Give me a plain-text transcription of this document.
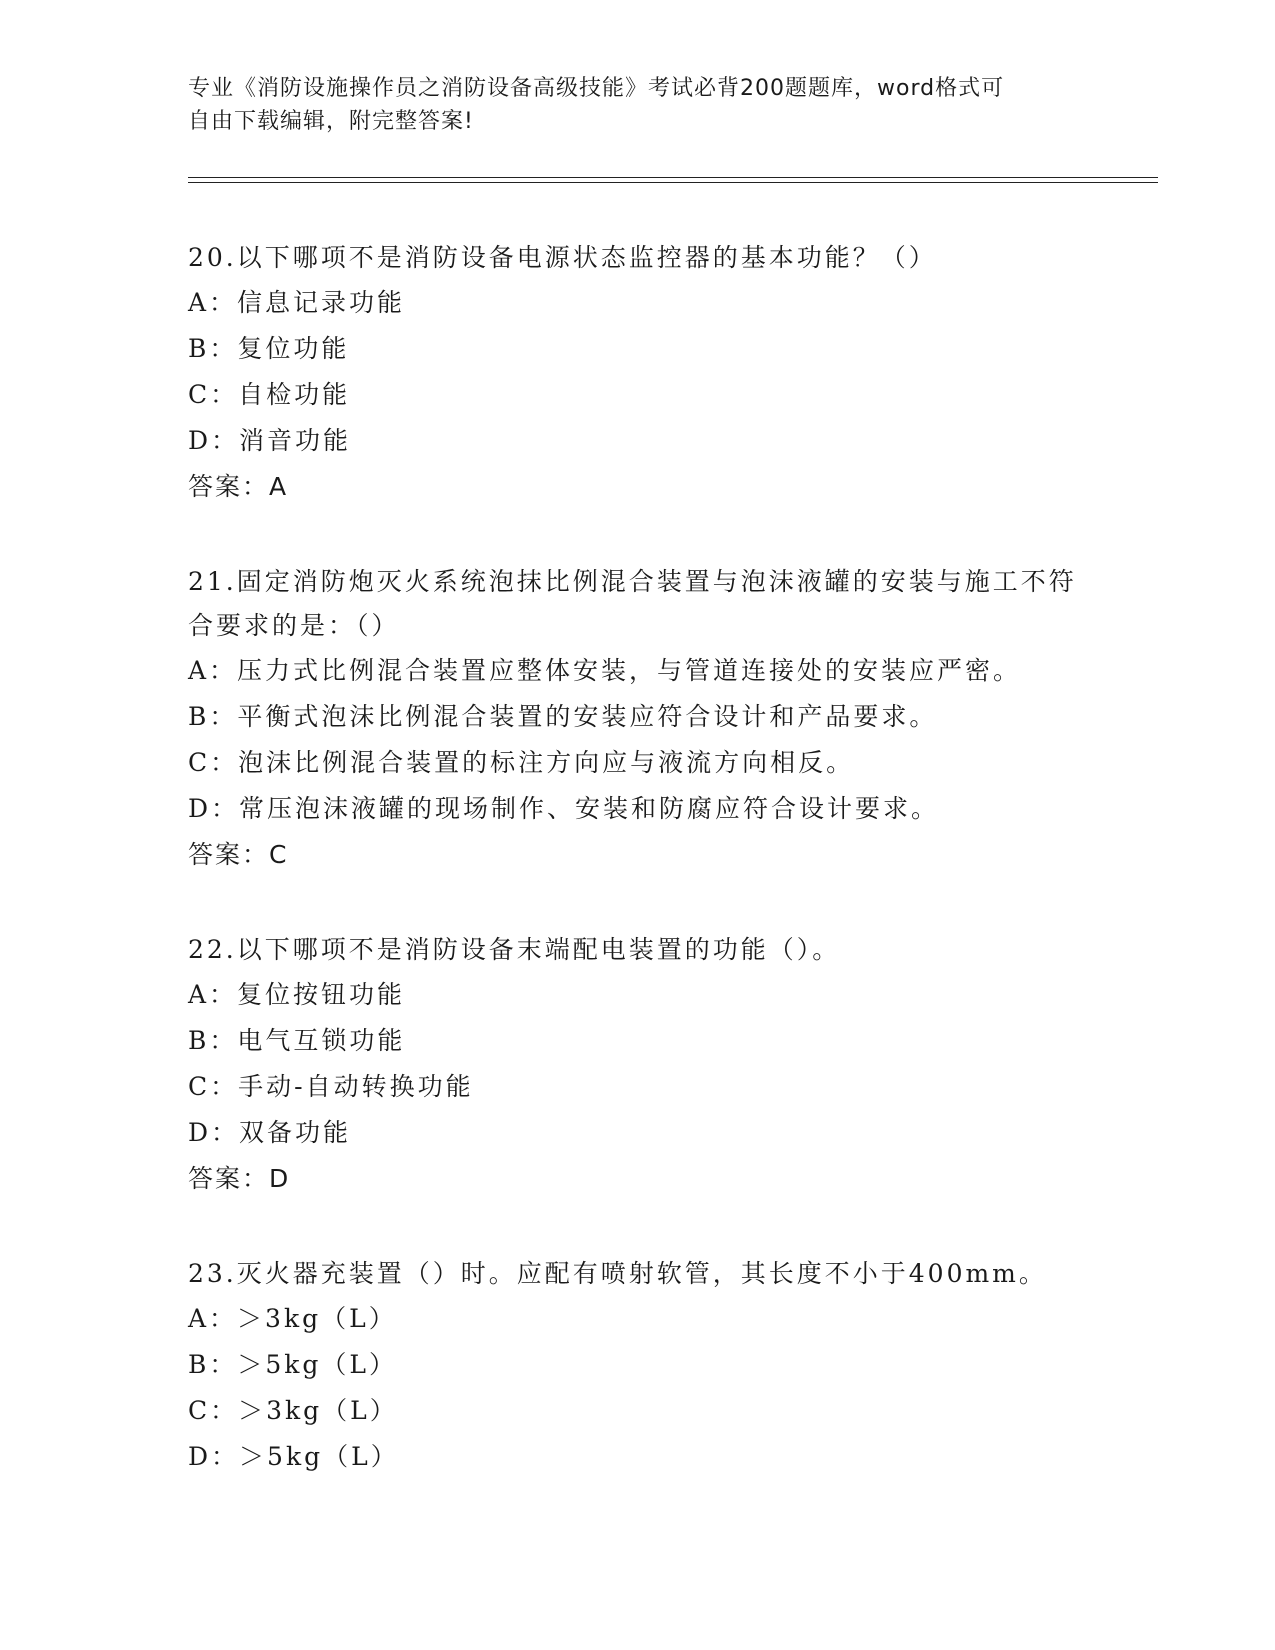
专业《消防设施操作员之消防设备高级技能》考试必背200题题库，word格式可
自由下载编辑，附完整答案!

20.以下哪项不是消防设备电源状态监控器的基本功能？（）

A：信息记录功能

B：复位功能

C：自检功能

D：消音功能

答案：A

21.固定消防炮灭火系统泡抹比例混合装置与泡沫液罐的安装与施工不符合要求的是：（）

A：压力式比例混合装置应整体安装，与管道连接处的安装应严密。

B：平衡式泡沫比例混合装置的安装应符合设计和产品要求。

C：泡沫比例混合装置的标注方向应与液流方向相反。

D：常压泡沫液罐的现场制作、安装和防腐应符合设计要求。

答案：C

22.以下哪项不是消防设备末端配电装置的功能（）。

A：复位按钮功能

B：电气互锁功能

C：手动-自动转换功能

D：双备功能

答案：D

23.灭火器充装置（）时。应配有喷射软管，其长度不小于400mm。

A：＞3kg（L）

B：＞5kg（L）

C：＞3kg（L）

D：＞5kg（L）
